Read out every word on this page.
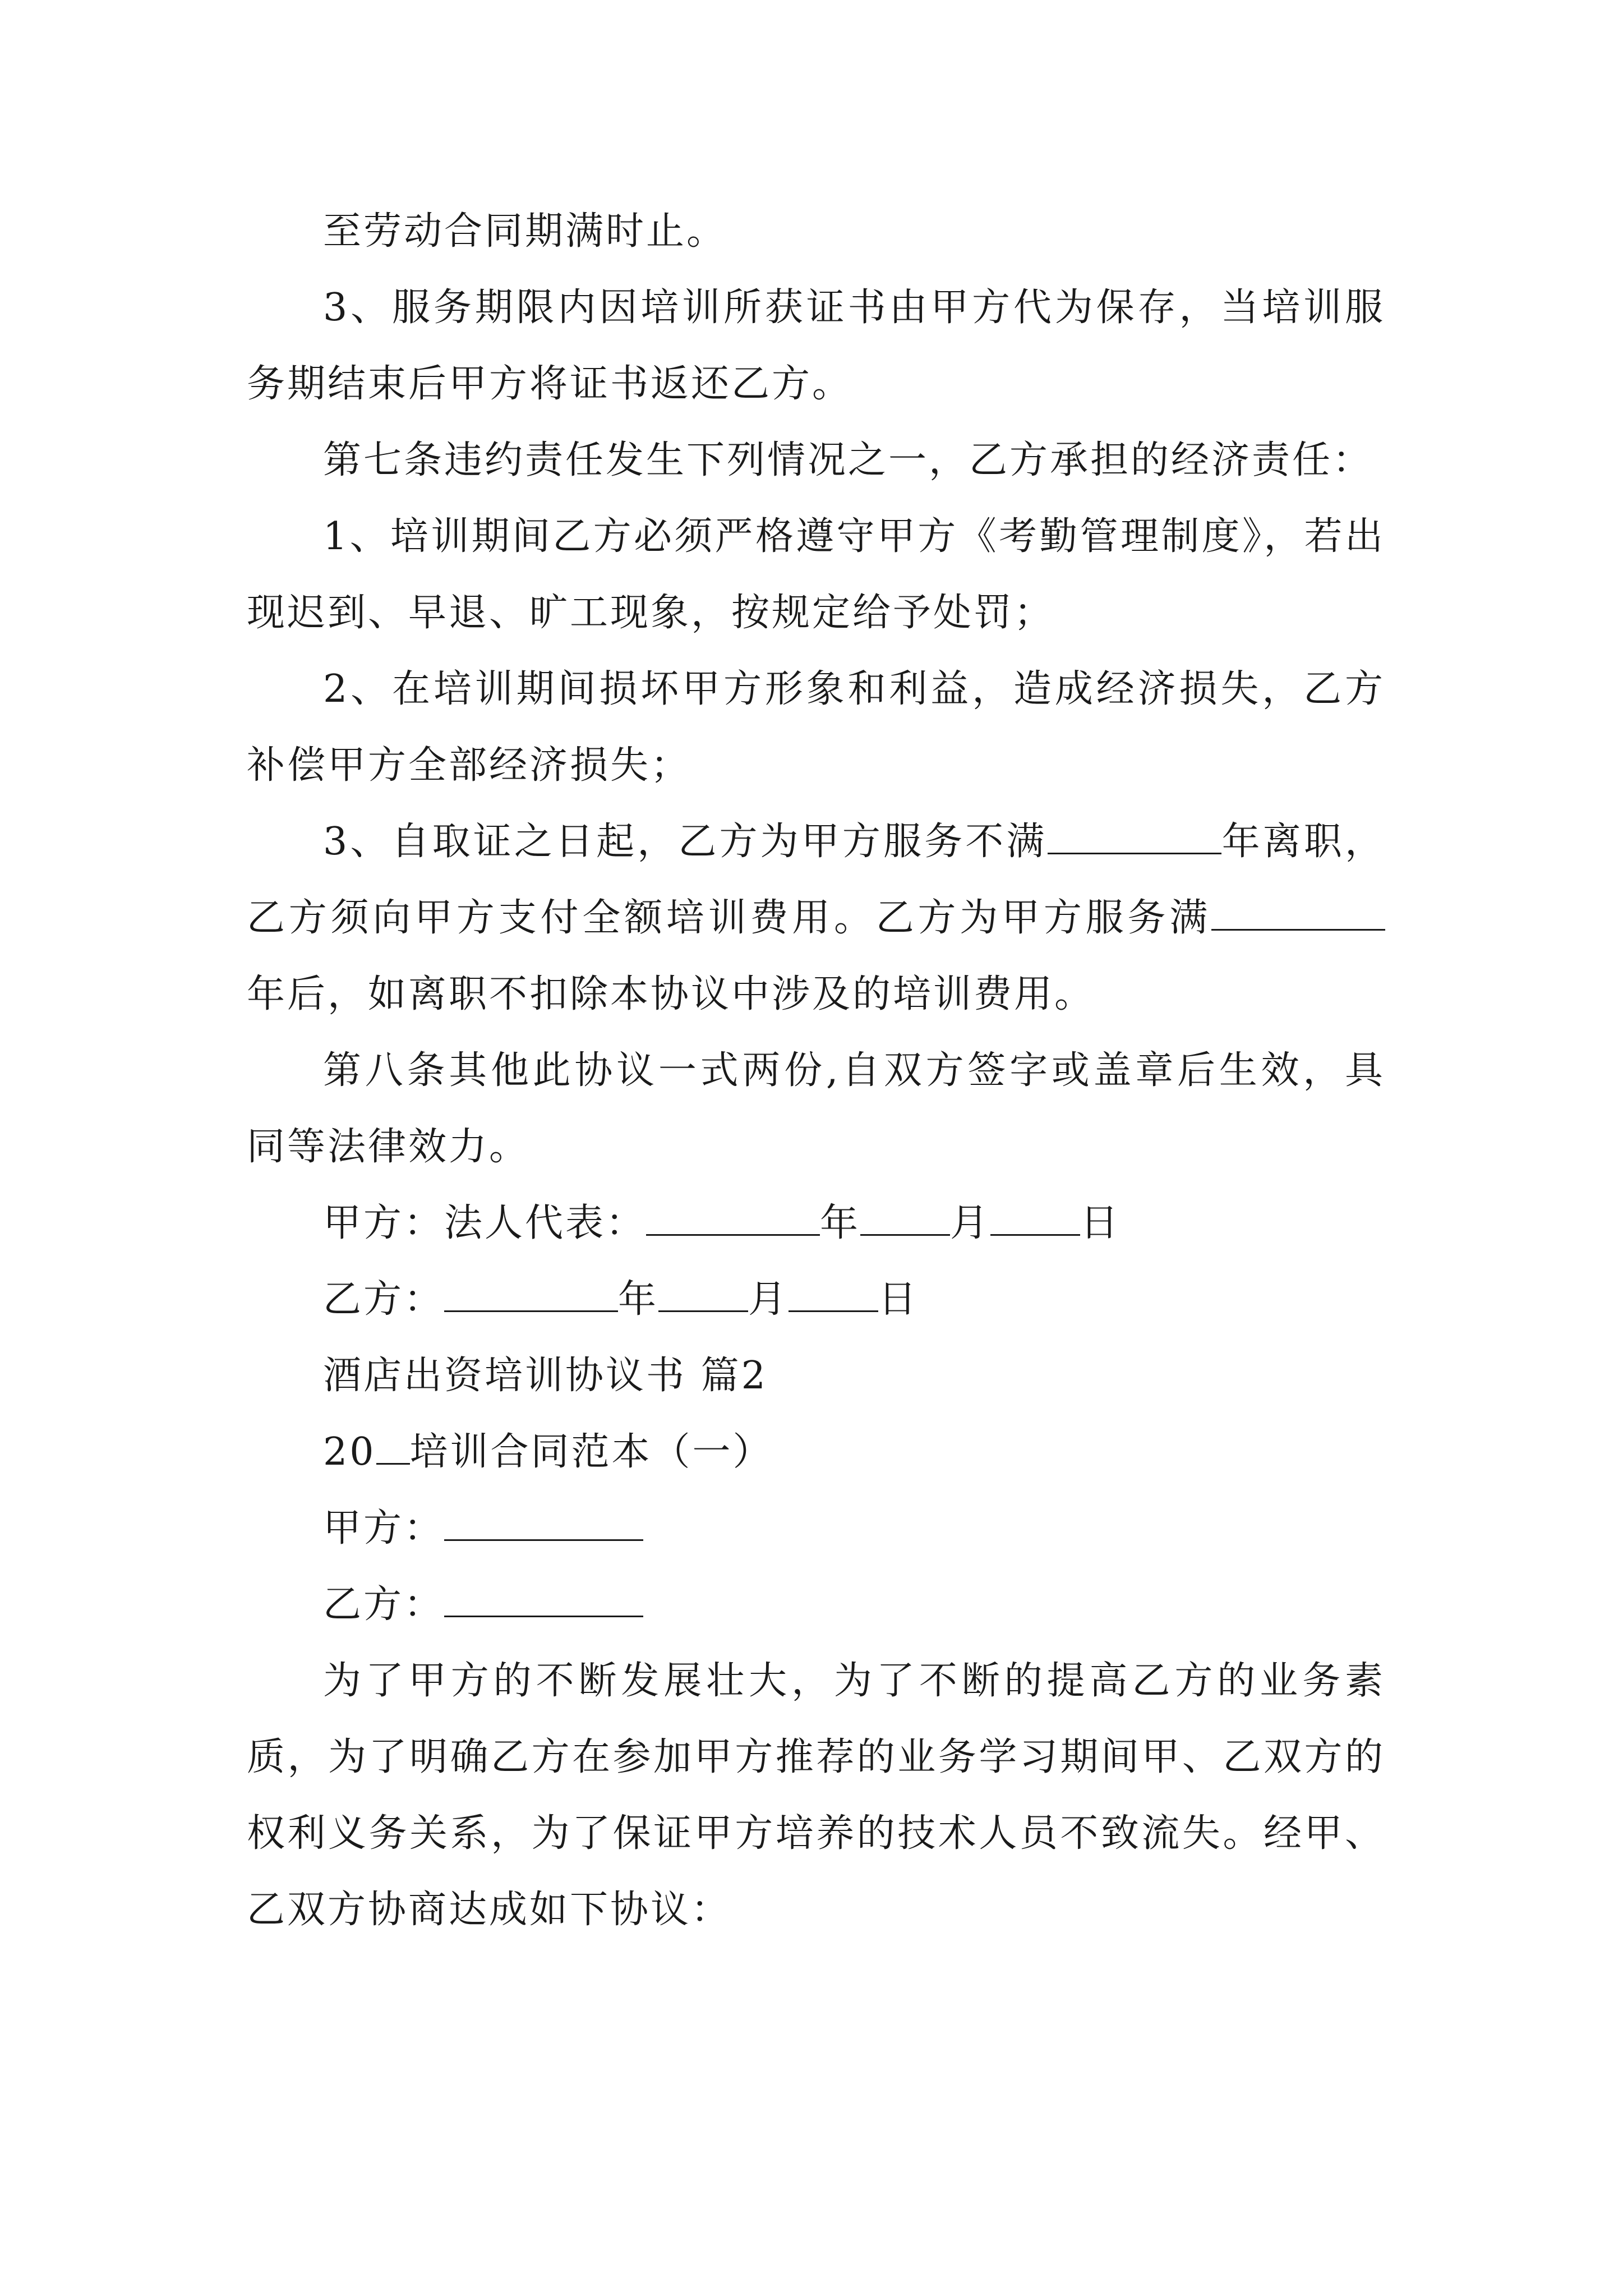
至劳动合同期满时止。

3、服务期限内因培训所获证书由甲方代为保存，当培训服务期结束后甲方将证书返还乙方。

第七条违约责任发生下列情况之一，乙方承担的经济责任：

1、培训期间乙方必须严格遵守甲方《考勤管理制度》，若出现迟到、早退、旷工现象，按规定给予处罚；

2、在培训期间损坏甲方形象和利益，造成经济损失，乙方补偿甲方全部经济损失；

3、自取证之日起，乙方为甲方服务不满	年离职，乙方须向甲方支付全额培训费用。乙方为甲方服务满年后，如离职不扣除本协议中涉及的培训费用。

第八条其他此协议一式两份,自双方签字或盖章后生效，具同等法律效力。

甲方：法人代表：	年 月 日

乙方：	年 月 日

酒店出资培训协议书 篇2

20 培训合同范本（一）

甲方：

乙方：

为了甲方的不断发展壮大，为了不断的提高乙方的业务素质，为了明确乙方在参加甲方推荐的业务学习期间甲、乙双方的权利义务关系，为了保证甲方培养的技术人员不致流失。经甲、乙双方协商达成如下协议：
